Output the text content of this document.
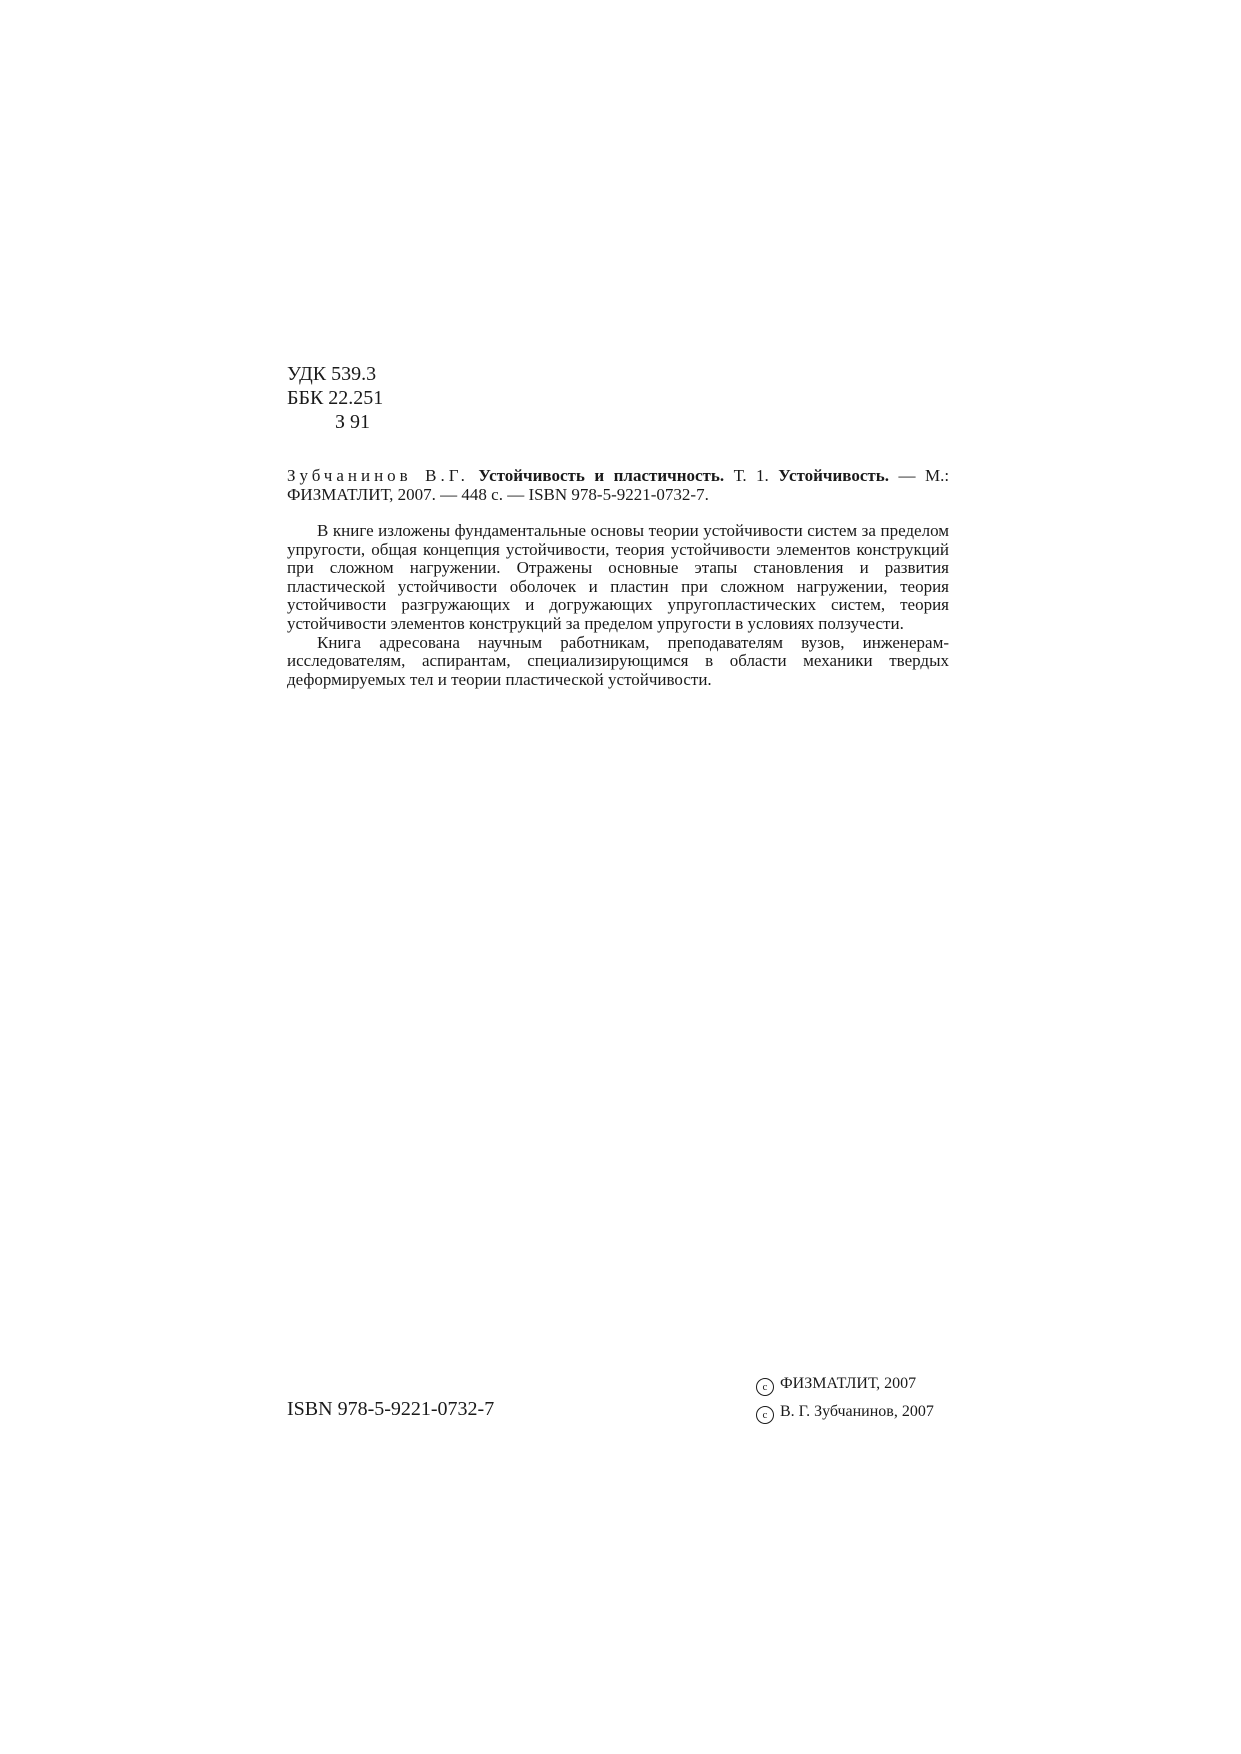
УДК 539.3
ББК 22.251
З 91
Зубчанинов В.Г. Устойчивость и пластичность. Т. 1. Устойчивость. — М.: ФИЗМАТЛИТ, 2007. — 448 с. — ISBN 978-5-9221-0732-7.

В книге изложены фундаментальные основы теории устойчивости систем за пределом упругости, общая концепция устойчивости, теория устойчивости элементов конструкций при сложном нагружении. Отражены основные этапы становления и развития пластической устойчивости оболочек и пластин при сложном нагружении, теория устойчивости разгружающих и догружающих упругопластических систем, теория устойчивости элементов конструкций за пределом упругости в условиях ползучести.

Книга адресована научным работникам, преподавателям вузов, инженерам-исследователям, аспирантам, специализирующимся в области механики твердых деформируемых тел и теории пластической устойчивости.

ISBN 978-5-9221-0732-7
c ФИЗМАТЛИТ, 2007
c В. Г. Зубчанинов, 2007
